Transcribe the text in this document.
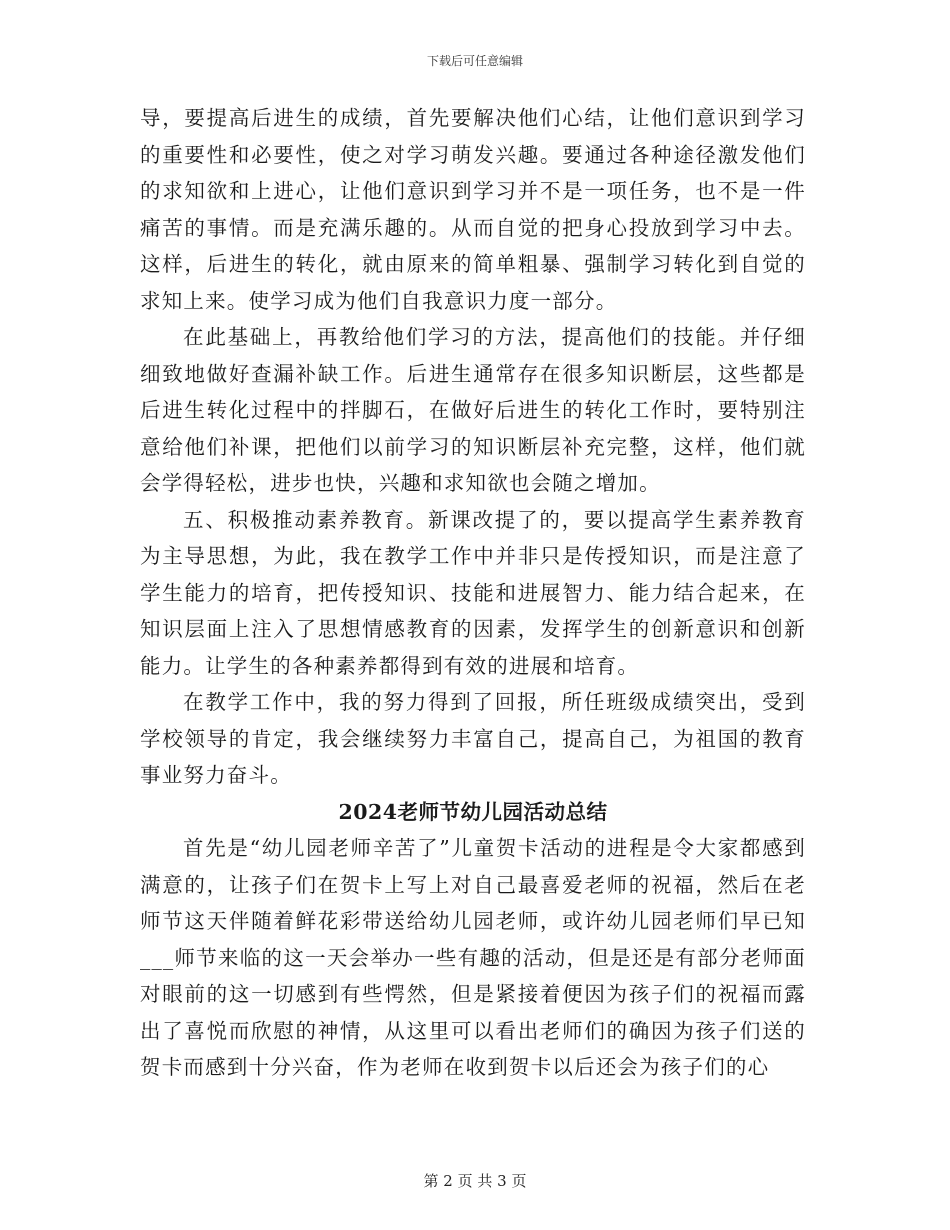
下载后可任意编辑

导，要提高后进生的成绩，首先要解决他们心结，让他们意识到学习的重要性和必要性，使之对学习萌发兴趣。要通过各种途径激发他们的求知欲和上进心，让他们意识到学习并不是一项任务，也不是一件痛苦的事情。而是充满乐趣的。从而自觉的把身心投放到学习中去。这样，后进生的转化，就由原来的简单粗暴、强制学习转化到自觉的求知上来。使学习成为他们自我意识力度一部分。

在此基础上，再教给他们学习的方法，提高他们的技能。并仔细细致地做好查漏补缺工作。后进生通常存在很多知识断层，这些都是后进生转化过程中的拌脚石，在做好后进生的转化工作时，要特别注意给他们补课，把他们以前学习的知识断层补充完整，这样，他们就会学得轻松，进步也快，兴趣和求知欲也会随之增加。

五、积极推动素养教育。新课改提了的，要以提高学生素养教育为主导思想，为此，我在教学工作中并非只是传授知识，而是注意了学生能力的培育，把传授知识、技能和进展智力、能力结合起来，在知识层面上注入了思想情感教育的因素，发挥学生的创新意识和创新能力。让学生的各种素养都得到有效的进展和培育。

在教学工作中，我的努力得到了回报，所任班级成绩突出，受到学校领导的肯定，我会继续努力丰富自己，提高自己，为祖国的教育事业努力奋斗。

2024老师节幼儿园活动总结

首先是“幼儿园老师辛苦了”儿童贺卡活动的进程是令大家都感到满意的，让孩子们在贺卡上写上对自己最喜爱老师的祝福，然后在老师节这天伴随着鲜花彩带送给幼儿园老师，或许幼儿园老师们早已知___师节来临的这一天会举办一些有趣的活动，但是还是有部分老师面对眼前的这一切感到有些愕然，但是紧接着便因为孩子们的祝福而露出了喜悦而欣慰的神情，从这里可以看出老师们的确因为孩子们送的贺卡而感到十分兴奋，作为老师在收到贺卡以后还会为孩子们的心

第 2 页 共 3 页
